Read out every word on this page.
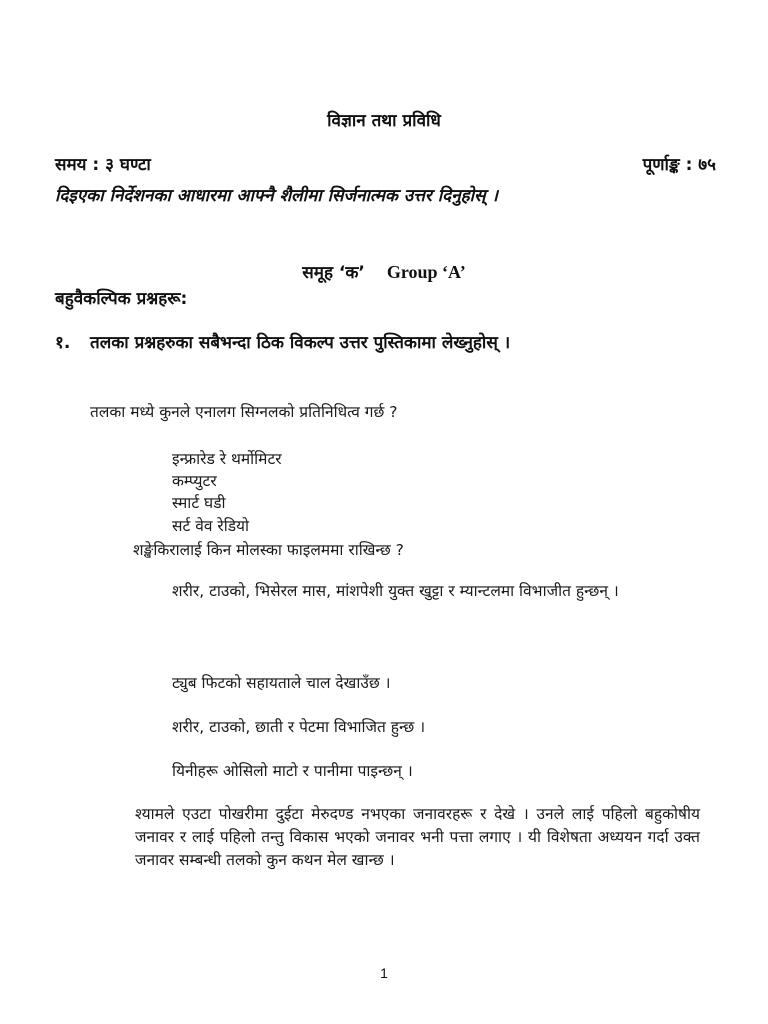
विज्ञान तथा प्रविधि
समय : ३ घण्टा	पूर्णाङ्क : ७५
दिइएका निर्देशनका आधारमा आफ्नै शैलीमा सिर्जनात्मक उत्तर दिनुहोस् ।
समूह ‘क’ Group ‘A’
बहुवैकल्पिक प्रश्नहरू:
१. तलका प्रश्नहरुका सबैभन्दा ठिक विकल्प उत्तर पुस्तिकामा लेख्नुहोस् ।
तलका मध्ये कुनले एनालग सिग्नलको प्रतिनिधित्व गर्छ ?
इन्फ्रारेड रे थर्मोमिटर
कम्प्युटर
स्मार्ट घडी
सर्ट वेव रेडियो
शङ्खेकिरालाई किन मोलस्का फाइलममा राखिन्छ ?
शरीर, टाउको, भिसेरल मास, मांशपेशी युक्त खुट्टा र म्यान्टलमा विभाजीत हुन्छन् ।
ट्युब फिटको सहायताले चाल देखाउँछ ।
शरीर, टाउको, छाती र पेटमा विभाजित हुन्छ ।
यिनीहरू ओसिलो माटो र पानीमा पाइन्छन् ।
श्यामले एउटा पोखरीमा दुईटा मेरुदण्ड नभएका जनावरहरू र देखे । उनले लाई पहिलो बहुकोषीय जनावर र लाई पहिलो तन्तु विकास भएको जनावर भनी पत्ता लगाए । यी विशेषता अध्ययन गर्दा उक्त जनावर सम्बन्धी तलको कुन कथन मेल खान्छ ।
1
